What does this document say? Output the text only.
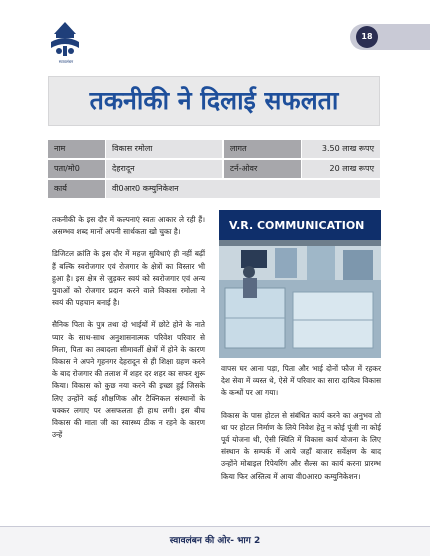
स्वावलंबन
18
तकनीकी ने दिलाई सफलता
नाम	विकास रमोला	लागत	3.50 लाख रूपए
पता/मो0	देहरादून	टर्न-ओवर	20 लाख रूपए
कार्य	वी0आर0 कम्युनिकेशन

तकनीकी के इस दौर में कल्पनाएं स्वतः आकार ले रही हैं। असम्भव शब्द मानों अपनी सार्थकता खो चुका है।

डिजिटल क्रांति के इस दौर में महज सुविधाएं ही नहीं बढ़ीं हैं बल्कि स्वरोजगार एवं रोजगार के क्षेत्रों का विस्तार भी हुआ है। इस क्षेत्र से जुड़कर स्वयं को स्वरोजगार एवं अन्य युवाओं को रोजगार प्रदान करने वाले विकास रमोला ने स्वयं की पहचान बनाई है।

सैनिक पिता के पुत्र तथा दो भाईयों में छोटे होने के नाते प्यार के साथ-साथ अनुशासनात्मक परिवेश परिवार से मिला, पिता का तबादला सीमावर्ती क्षेत्रों में होने के कारण विकास ने अपने गृहनगर देहरादून से ही शिक्षा ग्रहण करने के बाद रोजगार की तलाश में शहर दर शहर का सफर शुरू किया। विकास को कुछ नया करने की इच्छा हुई जिसके लिए उन्होंने कई शौक्षणिक और टैक्निकल संस्थानों के चक्कर लगाए पर असफलता ही हाथ लगी। इस बीच विकास की माता जी का स्वास्थ्य ठीक न रहने के कारण उन्हें

V.R. COMMUNICATION

वापस घर आना पड़ा, पिता और भाई दोनों फौज में रहकर देश सेवा में व्यस्त थे, ऐसे में परिवार का सारा दायित्व विकास के कन्धों पर आ गया।

विकास के पास होटल से संबंधित कार्य करने का अनुभव तो था पर होटल निर्माण के लिये निवेश हेतु न कोई पूंजी ना कोई पूर्व योजना थी, ऐसी स्थिति में विकास कार्य योजना के लिए संस्थान के सम्पर्क में आये जहाँ बाजार सर्वेक्षण के बाद उन्होंने मोबाइल रिपेयरिंग और सैल्स का कार्य करना प्रारम्भ किया फिर अस्तित्व में आया वी0आर0 कम्युनिकेशन।

स्वावलंबन की ओर- भाग 2
